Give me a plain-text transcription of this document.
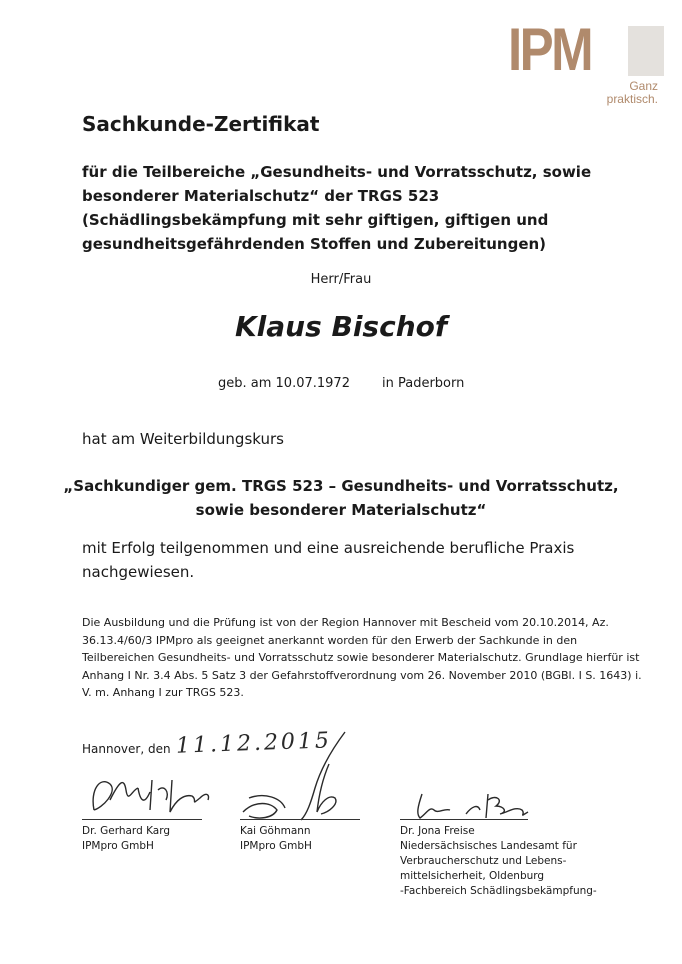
IPM
Ganz
praktisch.
Sachkunde-Zertifikat
für die Teilbereiche „Gesundheits- und Vorratsschutz, sowie besonderer Materialschutz“ der TRGS 523 (Schädlingsbekämpfung mit sehr giftigen, giftigen und gesundheitsgefährdenden Stoffen und Zubereitungen)
Herr/Frau
Klaus Bischof
geb. am 10.07.1972 in Paderborn
hat am Weiterbildungskurs
„Sachkundiger gem. TRGS 523 – Gesundheits- und Vorratsschutz, sowie besonderer Materialschutz“
mit Erfolg teilgenommen und eine ausreichende berufliche Praxis nachgewiesen.
Die Ausbildung und die Prüfung ist von der Region Hannover mit Bescheid vom 20.10.2014, Az. 36.13.4/60/3 IPMpro als geeignet anerkannt worden für den Erwerb der Sachkunde in den Teilbereichen Gesundheits- und Vorratsschutz sowie besonderer Materialschutz. Grundlage hierfür ist Anhang I Nr. 3.4 Abs. 5 Satz 3 der Gefahrstoffverordnung vom 26. November 2010 (BGBl. I S. 1643) i. V. m. Anhang I zur TRGS 523.
Hannover, den 11.12.2015
Dr. Gerhard Karg
IPMpro GmbH
Kai Göhmann
IPMpro GmbH
Dr. Jona Freise
Niedersächsisches Landesamt für
Verbraucherschutz und Lebens-
mittelsicherheit, Oldenburg
-Fachbereich Schädlingsbekämpfung-
